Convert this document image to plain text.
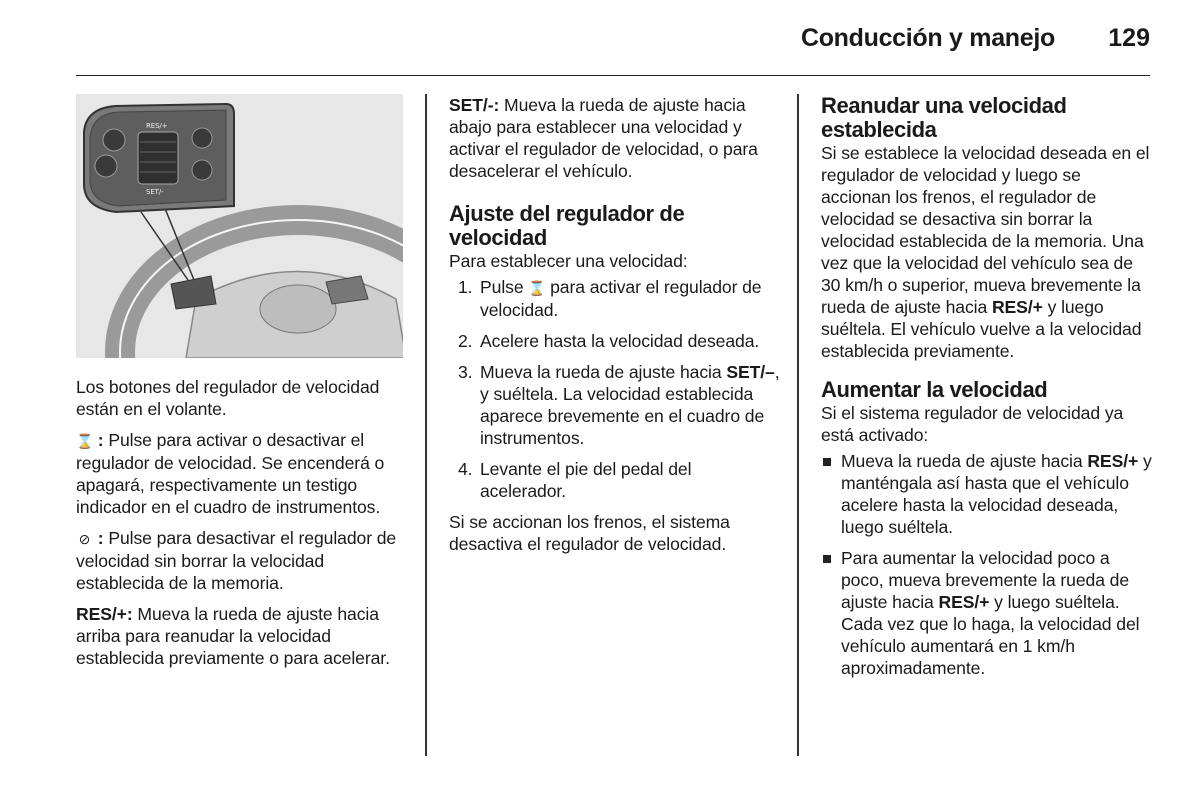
Conducción y manejo 129
RES/+
SET/-

Los botones del regulador de velocidad están en el volante.

⌛ : Pulse para activar o desactivar el regulador de velocidad. Se encenderá o apagará, respectivamente un testigo indicador en el cuadro de instrumentos.

⊘ : Pulse para desactivar el regulador de velocidad sin borrar la velocidad establecida de la memoria.

RES/+: Mueva la rueda de ajuste hacia arriba para reanudar la velocidad establecida previamente o para acelerar.

SET/-: Mueva la rueda de ajuste hacia abajo para establecer una velocidad y activar el regulador de velocidad, o para desacelerar el vehículo.

Ajuste del regulador de velocidad

Para establecer una velocidad:

1. Pulse ⌛ para activar el regulador de velocidad.
2. Acelere hasta la velocidad deseada.
3. Mueva la rueda de ajuste hacia SET/–, y suéltela. La velocidad establecida aparece brevemente en el cuadro de instrumentos.
4. Levante el pie del pedal del acelerador.

Si se accionan los frenos, el sistema desactiva el regulador de velocidad.

Reanudar una velocidad establecida

Si se establece la velocidad deseada en el regulador de velocidad y luego se accionan los frenos, el regulador de velocidad se desactiva sin borrar la velocidad establecida de la memoria. Una vez que la velocidad del vehículo sea de 30 km/h o superior, mueva brevemente la rueda de ajuste hacia RES/+ y luego suéltela. El vehículo vuelve a la velocidad establecida previamente.

Aumentar la velocidad

Si el sistema regulador de velocidad ya está activado:

Mueva la rueda de ajuste hacia RES/+ y manténgala así hasta que el vehículo acelere hasta la velocidad deseada, luego suéltela.
Para aumentar la velocidad poco a poco, mueva brevemente la rueda de ajuste hacia RES/+ y luego suéltela. Cada vez que lo haga, la velocidad del vehículo aumentará en 1 km/h aproximadamente.
